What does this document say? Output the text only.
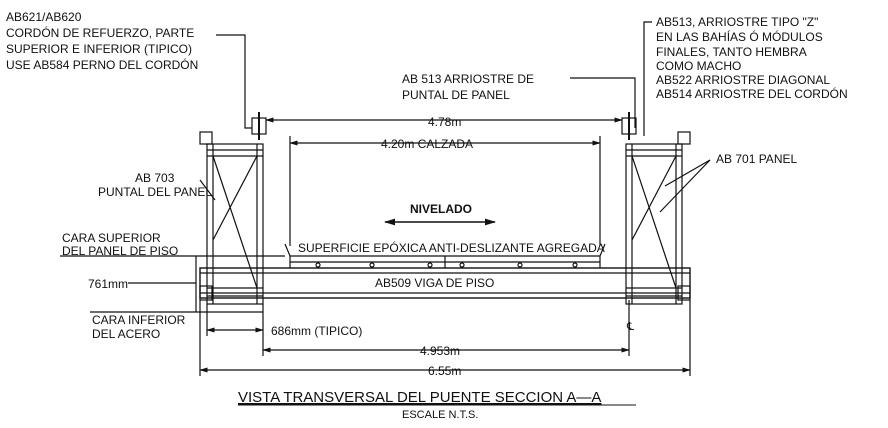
℄
AB621/AB620
CORDÓN DE REFUERZO, PARTE
SUPERIOR E INFERIOR (TIPICO)
USE AB584 PERNO DEL CORDÓN
AB513, ARRIOSTRE TIPO "Z"
EN LAS BAHÍAS Ó MÓDULOS
FINALES, TANTO HEMBRA
COMO MACHO
AB522 ARRIOSTRE DIAGONAL
AB514 ARRIOSTRE DEL CORDÓN
AB 513 ARRIOSTRE DE
PUNTAL DE PANEL
AB 703
PUNTAL DEL PANEL
AB 701 PANEL
CARA SUPERIOR
DEL PANEL DE PISO
CARA INFERIOR
DEL ACERO
NIVELADO
SUPERFICIE EPÓXICA ANTI-DESLIZANTE AGREGADA
AB509 VIGA DE PISO
4.78m
4.20m CALZADA
761mm
686mm (TIPICO)
4.953m
6.55m
VISTA TRANSVERSAL DEL PUENTE SECCION A—A
ESCALE N.T.S.
